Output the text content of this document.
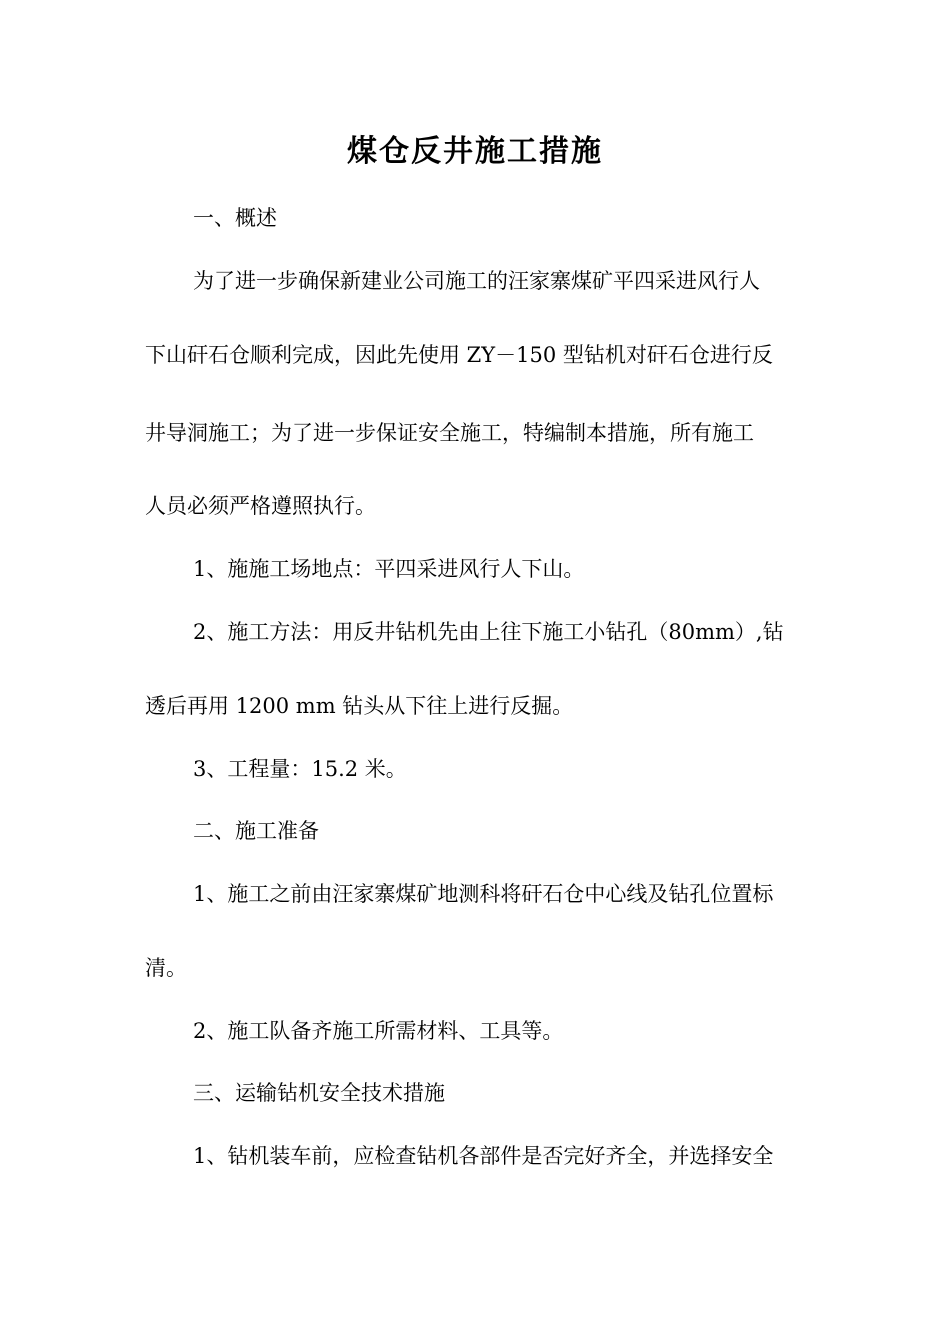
煤仓反井施工措施
一、概述
为了进一步确保新建业公司施工的汪家寨煤矿平四采进风行人
下山矸石仓顺利完成，因此先使用 ZY－150 型钻机对矸石仓进行反
井导洞施工；为了进一步保证安全施工，特编制本措施，所有施工
人员必须严格遵照执行。
1、施施工场地点：平四采进风行人下山。
2、施工方法：用反井钻机先由上往下施工小钻孔（80mm）,钻
透后再用 1200 mm 钻头从下往上进行反掘。
3、工程量：15.2 米。
二、施工准备
1、施工之前由汪家寨煤矿地测科将矸石仓中心线及钻孔位置标
清。
2、施工队备齐施工所需材料、工具等。
三、运输钻机安全技术措施
1、钻机装车前，应检查钻机各部件是否完好齐全，并选择安全
